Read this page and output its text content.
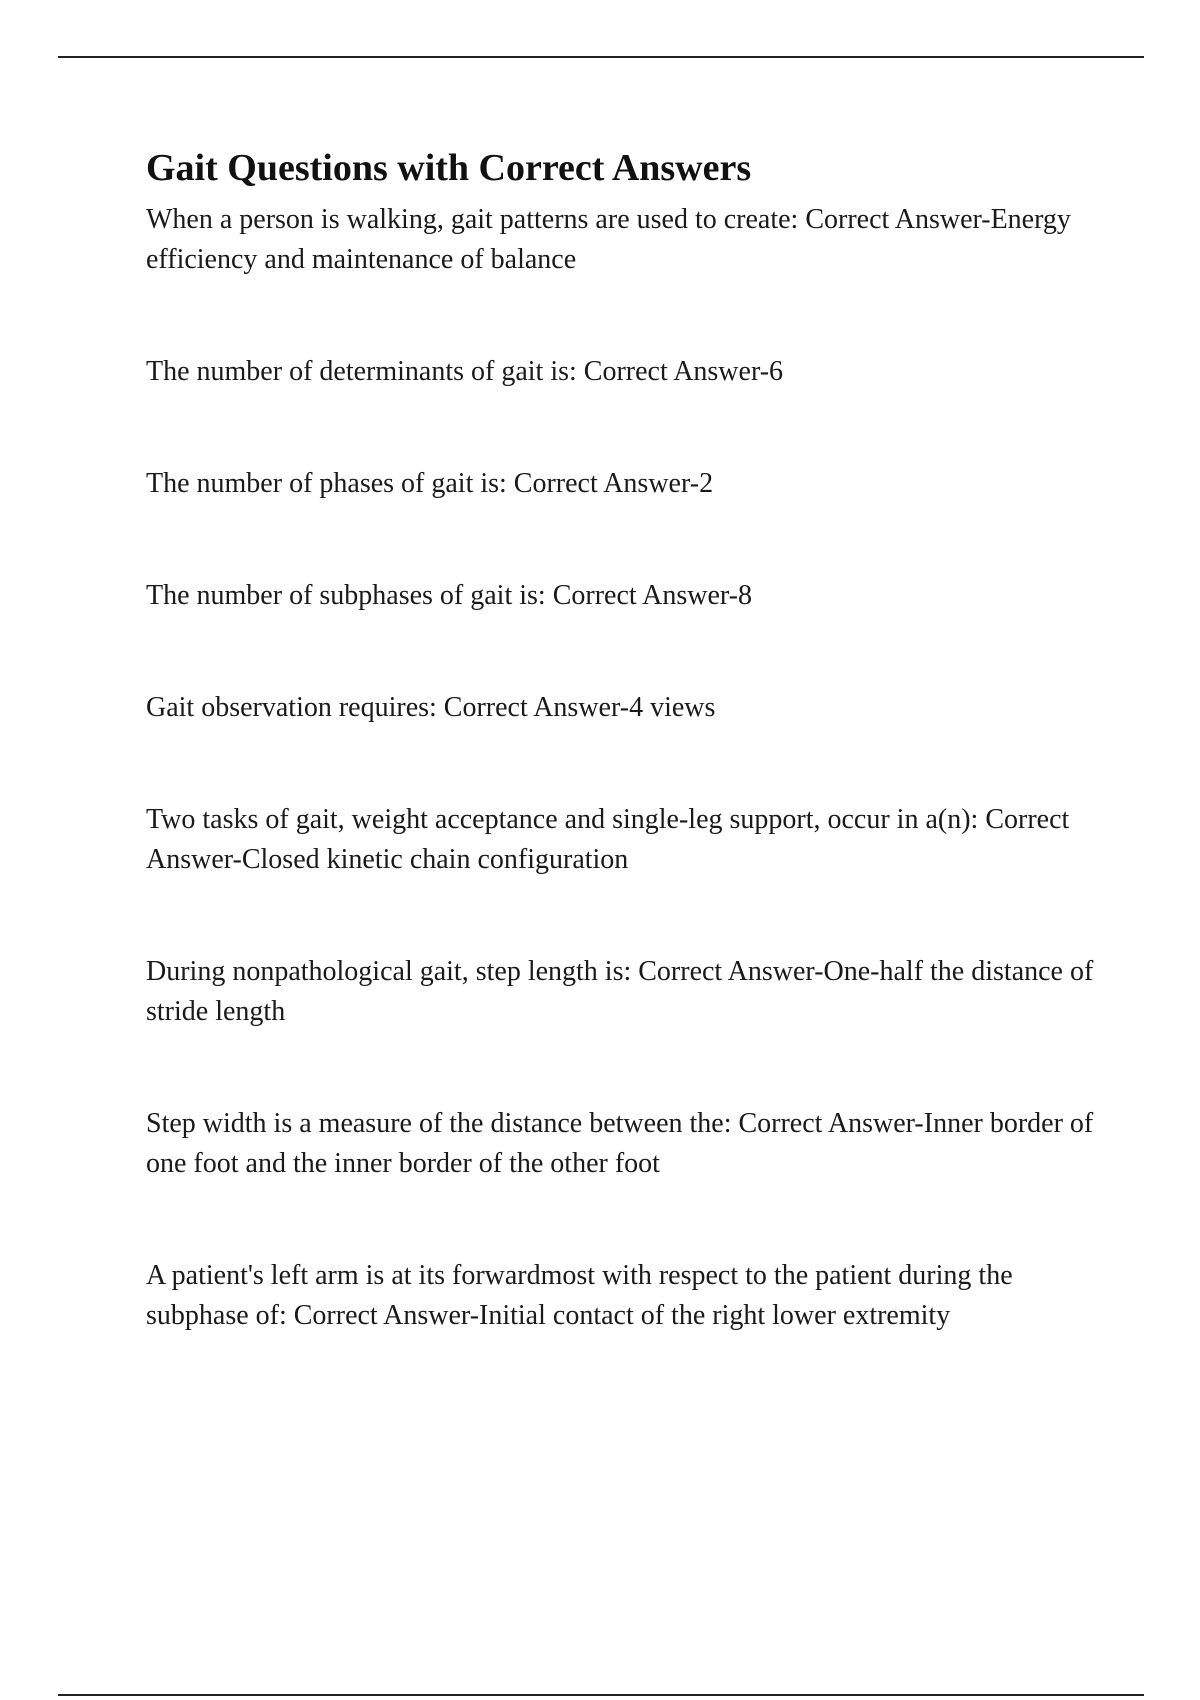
Gait Questions with Correct Answers

When a person is walking, gait patterns are used to create: Correct Answer-Energy efficiency and maintenance of balance

The number of determinants of gait is: Correct Answer-6

The number of phases of gait is: Correct Answer-2

The number of subphases of gait is: Correct Answer-8

Gait observation requires: Correct Answer-4 views

Two tasks of gait, weight acceptance and single-leg support, occur in a(n): Correct Answer-Closed kinetic chain configuration

During nonpathological gait, step length is: Correct Answer-One-half the distance of stride length

Step width is a measure of the distance between the: Correct Answer-Inner border of one foot and the inner border of the other foot

A patient's left arm is at its forwardmost with respect to the patient during the subphase of: Correct Answer-Initial contact of the right lower extremity
